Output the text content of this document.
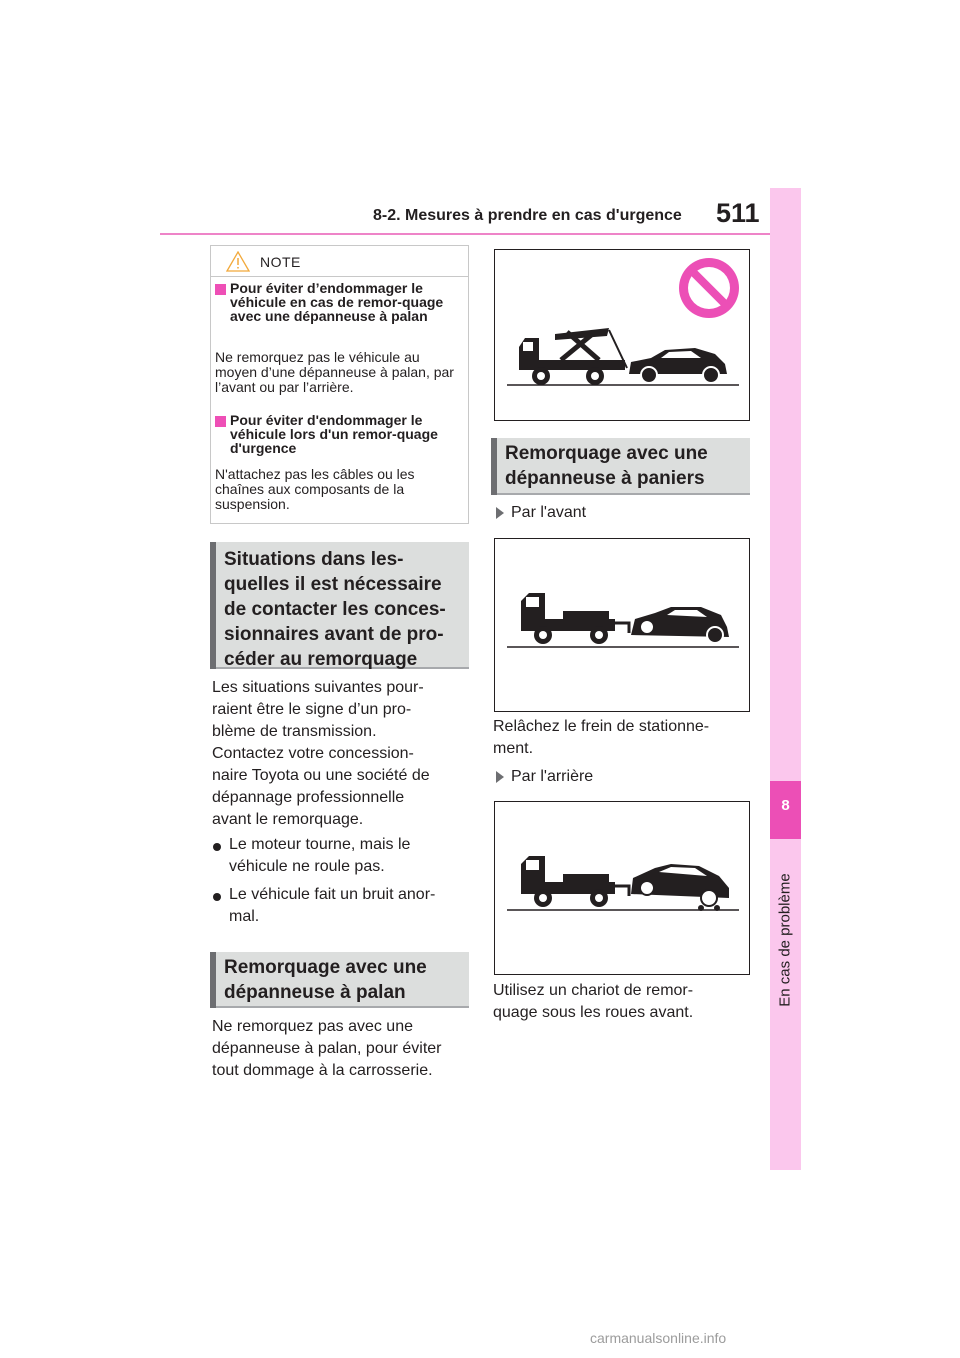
8-2. Mesures à prendre en cas d'urgence 511
8
En cas de problème
NOTE
Pour éviter d’endommager le véhicule en cas de remor-quage avec une dépanneuse à palan
Ne remorquez pas le véhicule au moyen d’une dépanneuse à palan, par l’avant ou par l’arrière.
Pour éviter d'endommager le véhicule lors d'un remor-quage d'urgence
N'attachez pas les câbles ou les chaînes aux composants de la suspension.
Situations dans les-
quelles il est nécessaire
de contacter les conces-
sionnaires avant de pro-
céder au remorquage
Les situations suivantes pour-
raient être le signe d’un pro-
blème de transmission.
Contactez votre concession-
naire Toyota ou une société de
dépannage professionnelle
avant le remorquage.
Le moteur tourne, mais le véhicule ne roule pas.
Le véhicule fait un bruit anor-mal.
Remorquage avec une
dépanneuse à palan
Ne remorquez pas avec une
dépanneuse à palan, pour éviter
tout dommage à la carrosserie.
Remorquage avec une
dépanneuse à paniers
Par l'avant
Relâchez le frein de stationne-
ment.
Par l'arrière
Utilisez un chariot de remor-
quage sous les roues avant.
carmanualsonline.info
